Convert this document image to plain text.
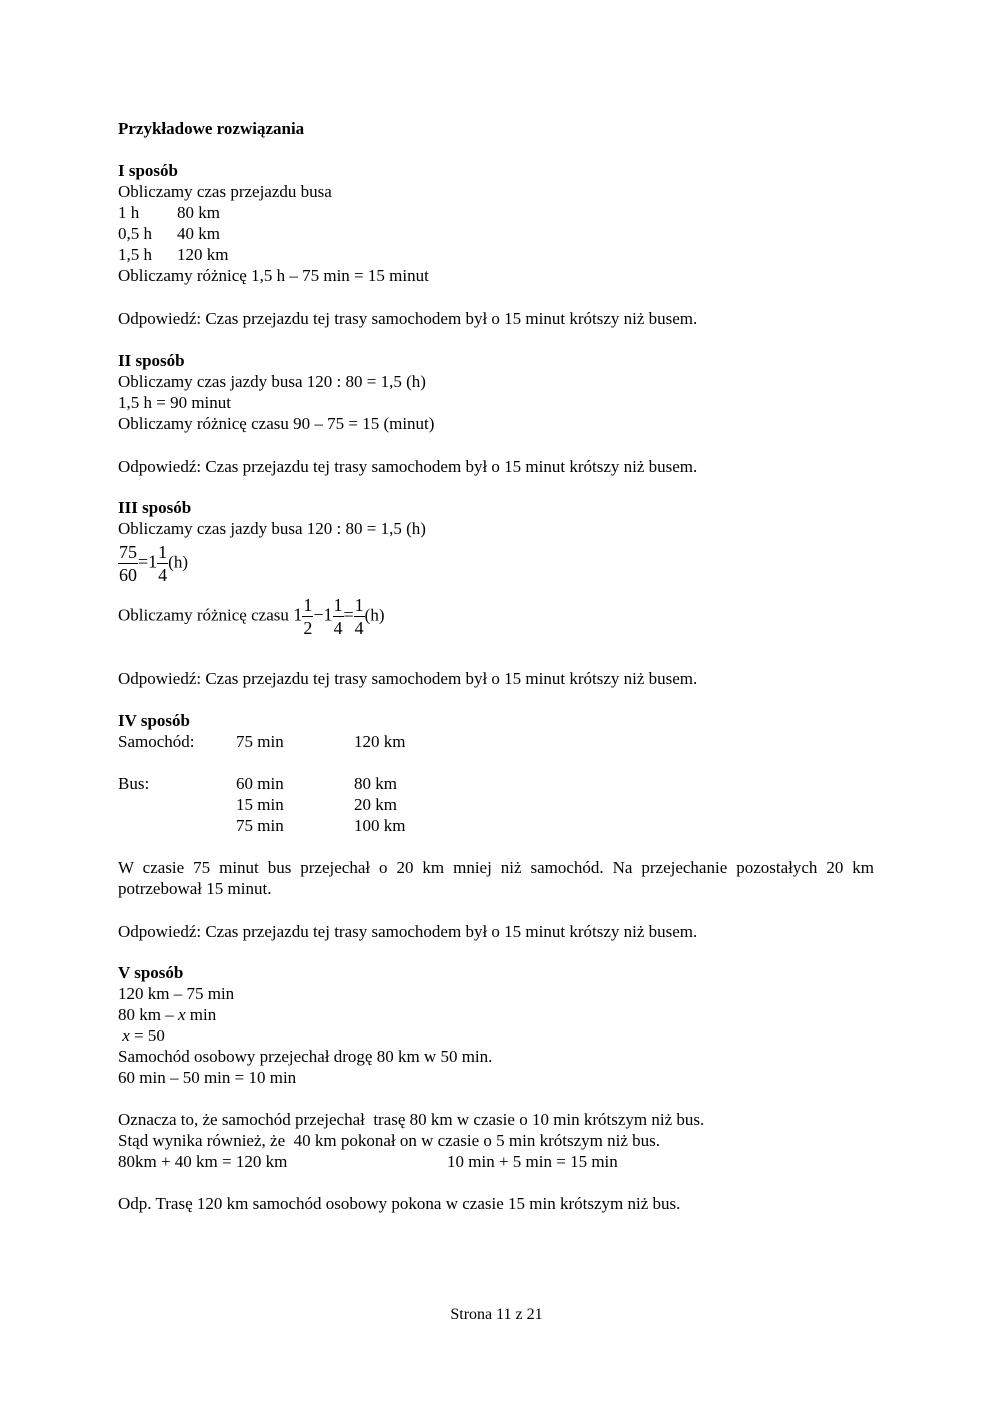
Przykładowe rozwiązania
I sposób
Obliczamy czas przejazdu busa
1 h 80 km
0,5 h 40 km
1,5 h 120 km
Obliczamy różnicę 1,5 h – 75 min = 15 minut
Odpowiedź: Czas przejazdu tej trasy samochodem był o 15 minut krótszy niż busem.
II sposób
Obliczamy czas jazdy busa 120 : 80 = 1,5 (h)
1,5 h = 90 minut
Obliczamy różnicę czasu 90 – 75 = 15 (minut)
Odpowiedź: Czas przejazdu tej trasy samochodem był o 15 minut krótszy niż busem.
III sposób
Obliczamy czas jazdy busa 120 : 80 = 1,5 (h)
$\frac{75}{60} =1 \frac{1}{4} (h)$
Obliczamy różnicę czasu $1 \frac{1}{2} -1 \frac{1}{4} = \frac{1}{4} (h)$
Odpowiedź: Czas przejazdu tej trasy samochodem był o 15 minut krótszy niż busem.
IV sposób
Samochód: 75 min	120 km
Bus:	60 min	80 km
15 min	20 km
75 min	100 km
W czasie 75 minut bus przejechał o 20 km mniej niż samochód. Na przejechanie pozostałych 20 km potrzebował 15 minut.
Odpowiedź: Czas przejazdu tej trasy samochodem był o 15 minut krótszy niż busem.
V sposób
120 km – 75 min
80 km – x min
x = 50
Samochód osobowy przejechał drogę 80 km w 50 min.
60 min – 50 min = 10 min
Oznacza to, że samochód przejechał  trasę 80 km w czasie o 10 min krótszym niż bus.
Stąd wynika również, że  40 km pokonał on w czasie o 5 min krótszym niż bus.
80km + 40 km = 120 km	10 min + 5 min = 15 min
Odp. Trasę 120 km samochód osobowy pokona w czasie 15 min krótszym niż bus.
Strona 11 z 21
